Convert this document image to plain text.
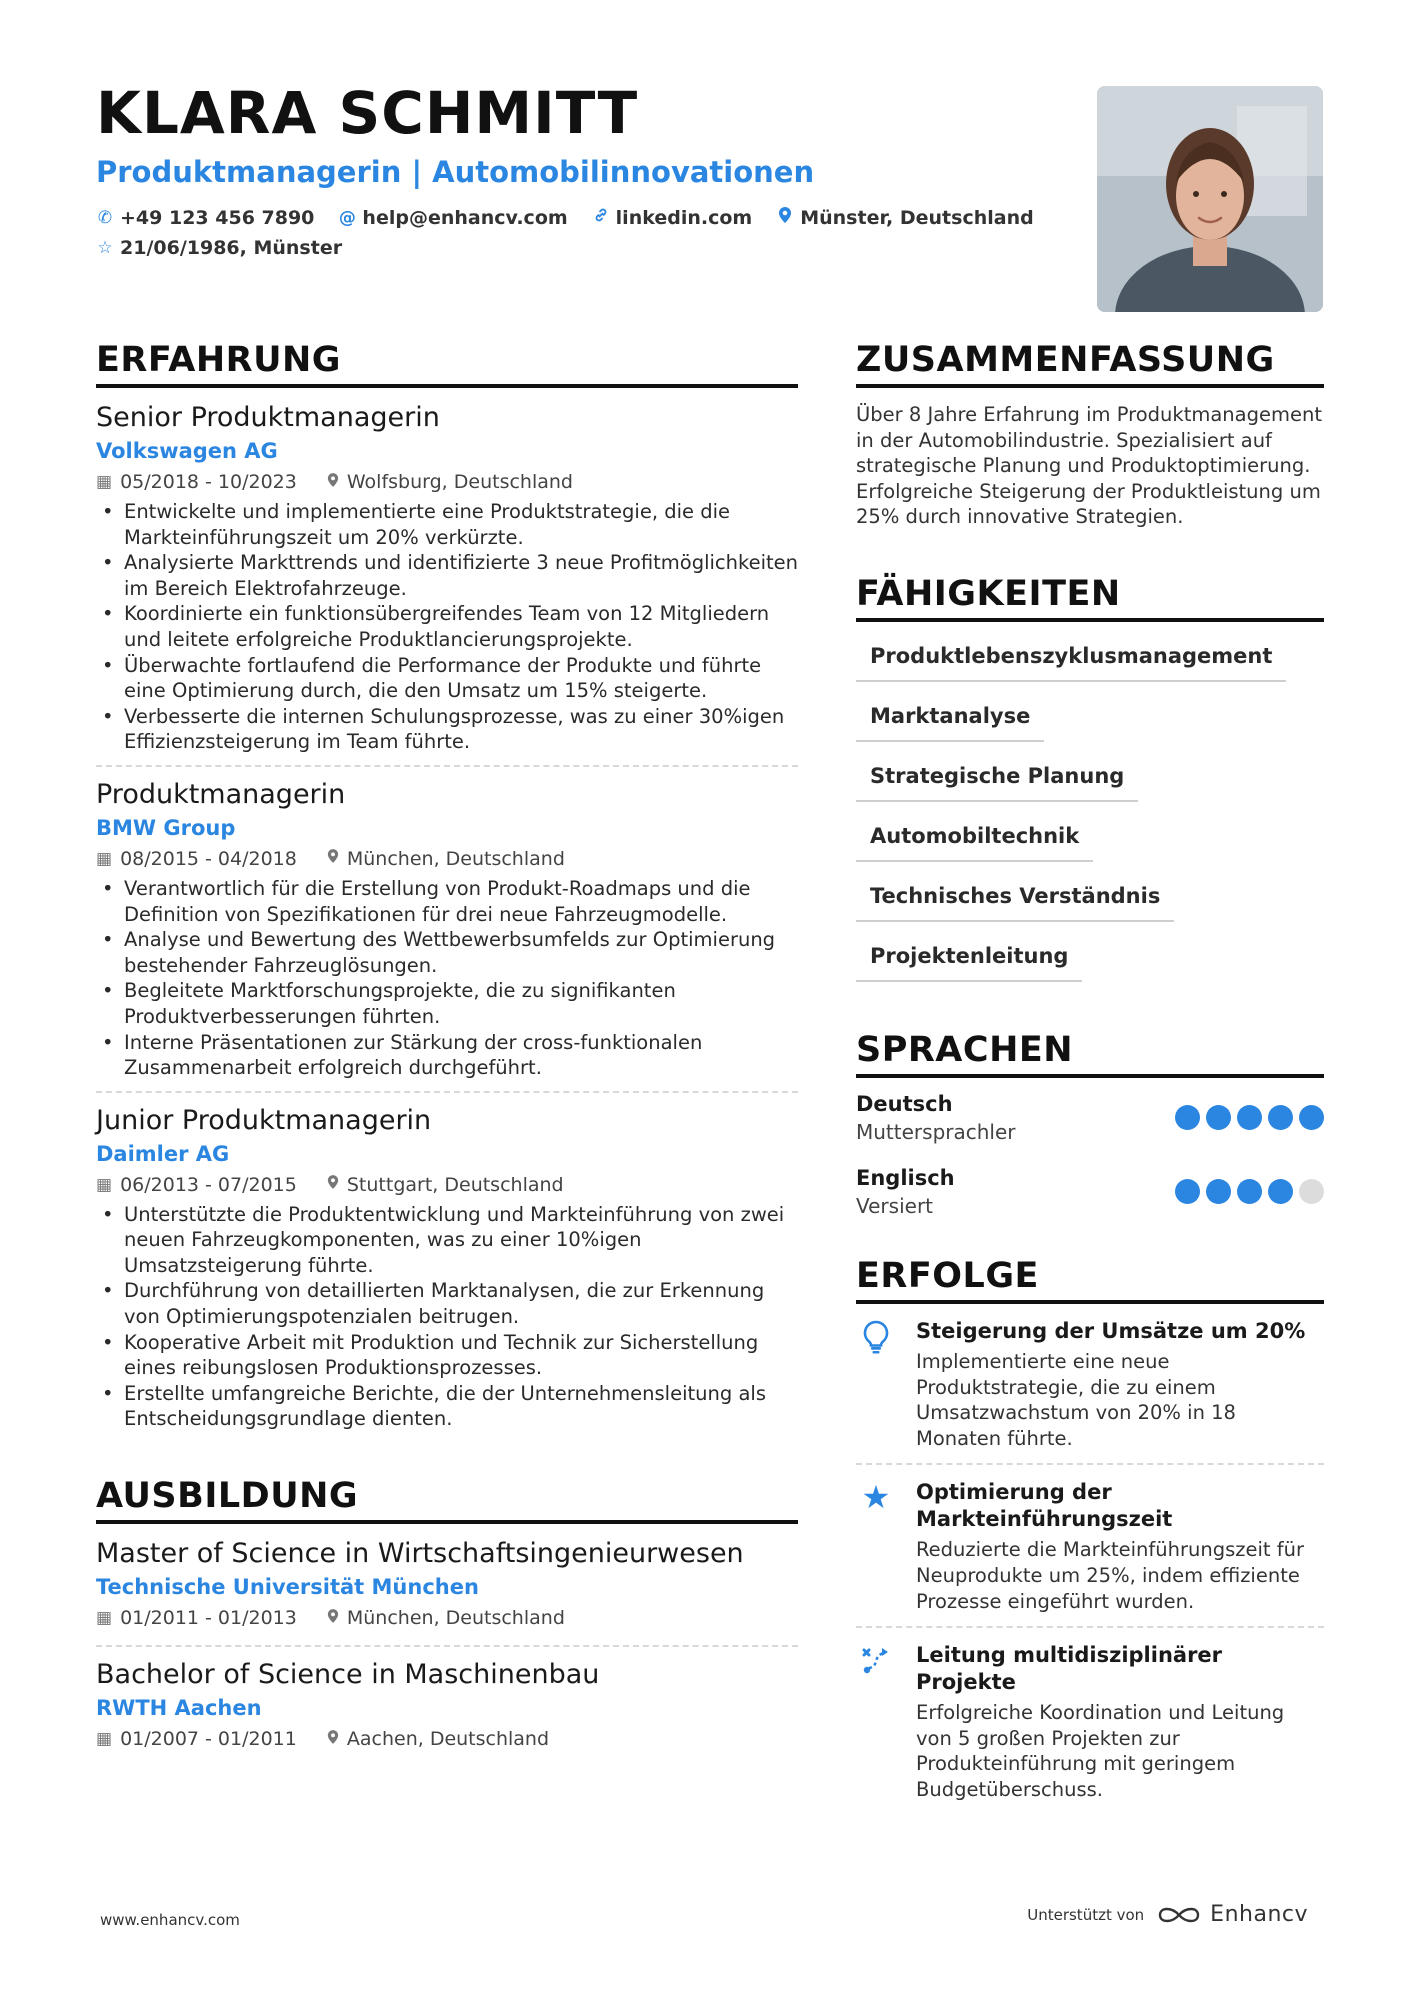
KLARA SCHMITT
Produktmanagerin | Automobilinnovationen
✆ +49 123 456 7890 @ help@enhancv.com	linkedin.com	Münster, Deutschland
☆ 21/06/1986, Münster
ERFAHRUNG
Senior Produktmanagerin
Volkswagen AG
▦ 05/2018 - 10/2023	Wolfsburg, Deutschland
• Entwickelte und implementierte eine Produktstrategie, die die Markteinführungszeit um 20% verkürzte.
• Analysierte Markttrends und identifizierte 3 neue Profitmöglichkeiten im Bereich Elektrofahrzeuge.
• Koordinierte ein funktionsübergreifendes Team von 12 Mitgliedern und leitete erfolgreiche Produktlancierungsprojekte.
• Überwachte fortlaufend die Performance der Produkte und führte eine Optimierung durch, die den Umsatz um 15% steigerte.
• Verbesserte die internen Schulungsprozesse, was zu einer 30%igen Effizienzsteigerung im Team führte.
Produktmanagerin
BMW Group
▦ 08/2015 - 04/2018	München, Deutschland
• Verantwortlich für die Erstellung von Produkt-Roadmaps und die Definition von Spezifikationen für drei neue Fahrzeugmodelle.
• Analyse und Bewertung des Wettbewerbsumfelds zur Optimierung bestehender Fahrzeuglösungen.
• Begleitete Marktforschungsprojekte, die zu signifikanten Produktverbesserungen führten.
• Interne Präsentationen zur Stärkung der cross-funktionalen Zusammenarbeit erfolgreich durchgeführt.
Junior Produktmanagerin
Daimler AG
▦ 06/2013 - 07/2015	Stuttgart, Deutschland
• Unterstützte die Produktentwicklung und Markteinführung von zwei neuen Fahrzeugkomponenten, was zu einer 10%igen Umsatzsteigerung führte.
• Durchführung von detaillierten Marktanalysen, die zur Erkennung von Optimierungspotenzialen beitrugen.
• Kooperative Arbeit mit Produktion und Technik zur Sicherstellung eines reibungslosen Produktionsprozesses.
• Erstellte umfangreiche Berichte, die der Unternehmensleitung als Entscheidungsgrundlage dienten.
AUSBILDUNG
Master of Science in Wirtschaftsingenieurwesen
Technische Universität München
▦ 01/2011 - 01/2013	München, Deutschland
Bachelor of Science in Maschinenbau
RWTH Aachen
▦ 01/2007 - 01/2011	Aachen, Deutschland
ZUSAMMENFASSUNG
Über 8 Jahre Erfahrung im Produktmanagement in der Automobilindustrie. Spezialisiert auf strategische Planung und Produktoptimierung. Erfolgreiche Steigerung der Produktleistung um 25% durch innovative Strategien.
FÄHIGKEITEN
Produktlebenszyklusmanagement
Marktanalyse
Strategische Planung
Automobiltechnik
Technisches Verständnis
Projektenleitung
SPRACHEN
Deutsch
Muttersprachler
Englisch
Versiert
ERFOLGE
Steigerung der Umsätze um 20%
Implementierte eine neue Produktstrategie, die zu einem Umsatzwachstum von 20% in 18 Monaten führte.
★ Optimierung der Markteinführungszeit
Reduzierte die Markteinführungszeit für Neuprodukte um 25%, indem effiziente Prozesse eingeführt wurden.
Leitung multidisziplinärer Projekte
Erfolgreiche Koordination und Leitung von 5 großen Projekten zur Produkteinführung mit geringem Budgetüberschuss.
www.enhancv.com	Unterstützt von	Enhancv
